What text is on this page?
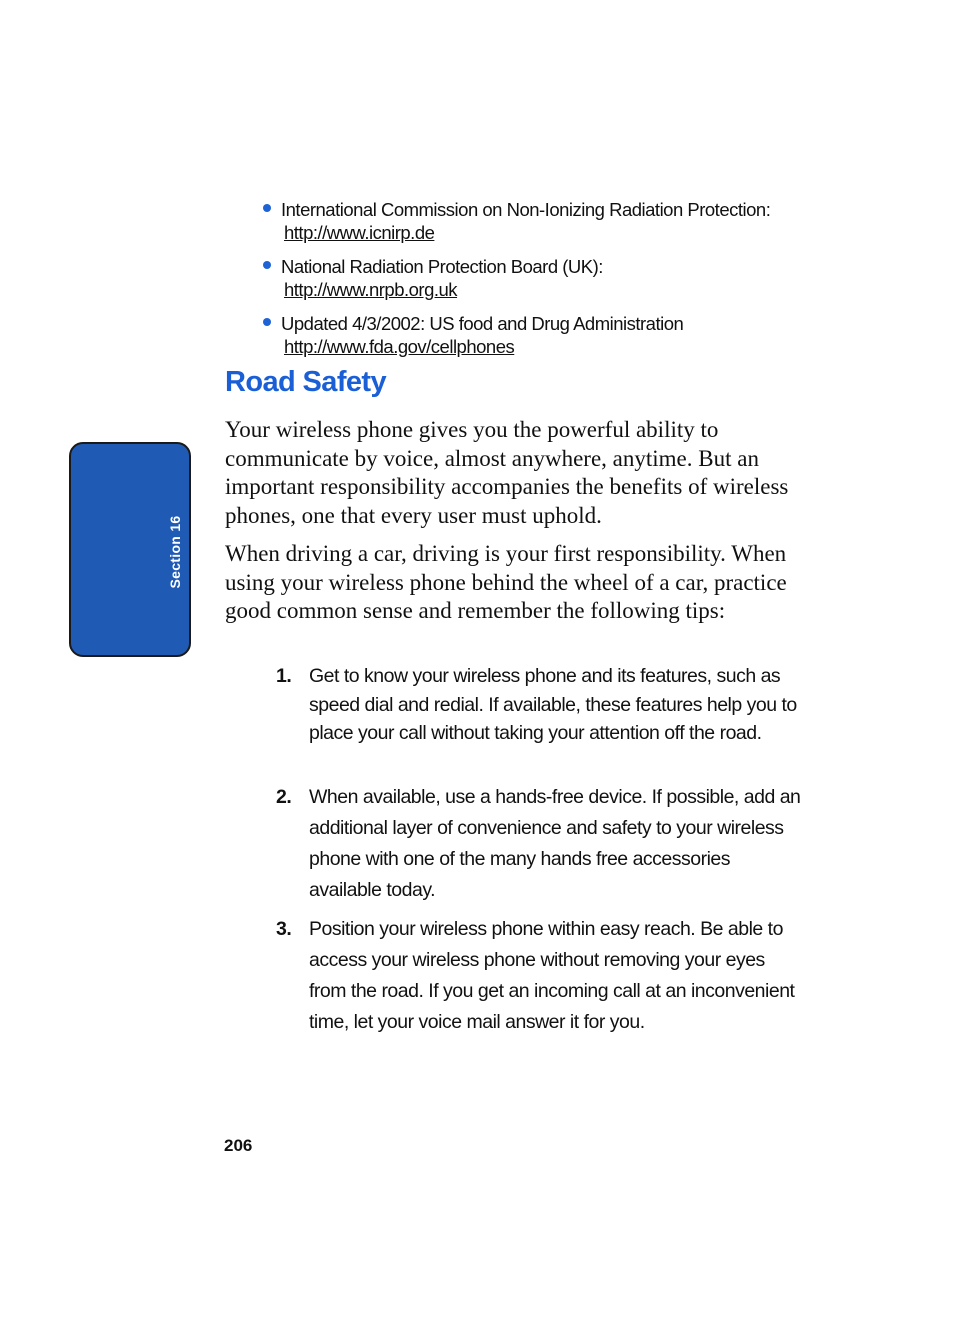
Section 16
International Commission on Non-Ionizing Radiation Protection:
http://www.icnirp.de
National Radiation Protection Board (UK):
http://www.nrpb.org.uk
Updated 4/3/2002: US food and Drug Administration
http://www.fda.gov/cellphones
Road Safety

Your wireless phone gives you the powerful ability to communicate by voice, almost anywhere, anytime. But an important responsibility accompanies the benefits of wireless phones, one that every user must uphold.

When driving a car, driving is your first responsibility. When using your wireless phone behind the wheel of a car, practice good common sense and remember the following tips:

1. Get to know your wireless phone and its features, such as speed dial and redial. If available, these features help you to place your call without taking your attention off the road.
2. When available, use a hands-free device. If possible, add an additional layer of convenience and safety to your wireless phone with one of the many hands free accessories available today.
3. Position your wireless phone within easy reach. Be able to access your wireless phone without removing your eyes from the road. If you get an incoming call at an inconvenient time, let your voice mail answer it for you.
206
